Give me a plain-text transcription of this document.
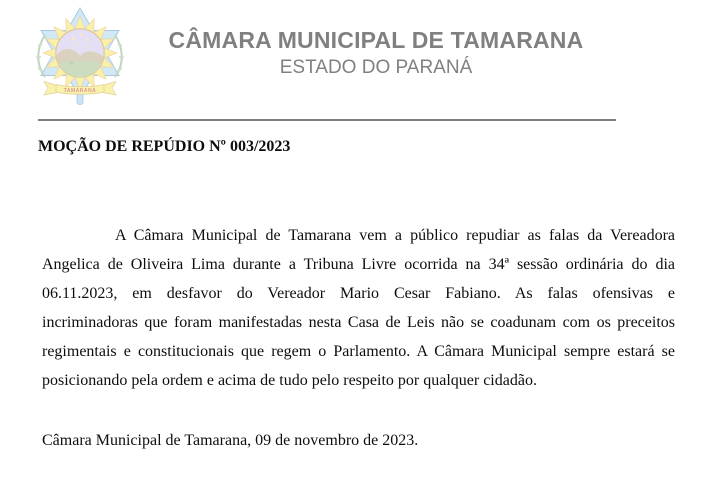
TAMARANA
CÂMARA MUNICIPAL DE TAMARANA
ESTADO DO PARANÁ
MOÇÃO DE REPÚDIO Nº 003/2023
A Câmara Municipal de Tamarana vem a público repudiar as falas da Vereadora
Angelica de Oliveira Lima durante a Tribuna Livre ocorrida na 34ª sessão ordinária do dia
06.11.2023, em desfavor do Vereador Mario Cesar Fabiano. As falas ofensivas e
incriminadoras que foram manifestadas nesta Casa de Leis não se coadunam com os preceitos
regimentais e constitucionais que regem o Parlamento. A Câmara Municipal sempre estará se
posicionando pela ordem e acima de tudo pelo respeito por qualquer cidadão.
Câmara Municipal de Tamarana, 09 de novembro de 2023.
